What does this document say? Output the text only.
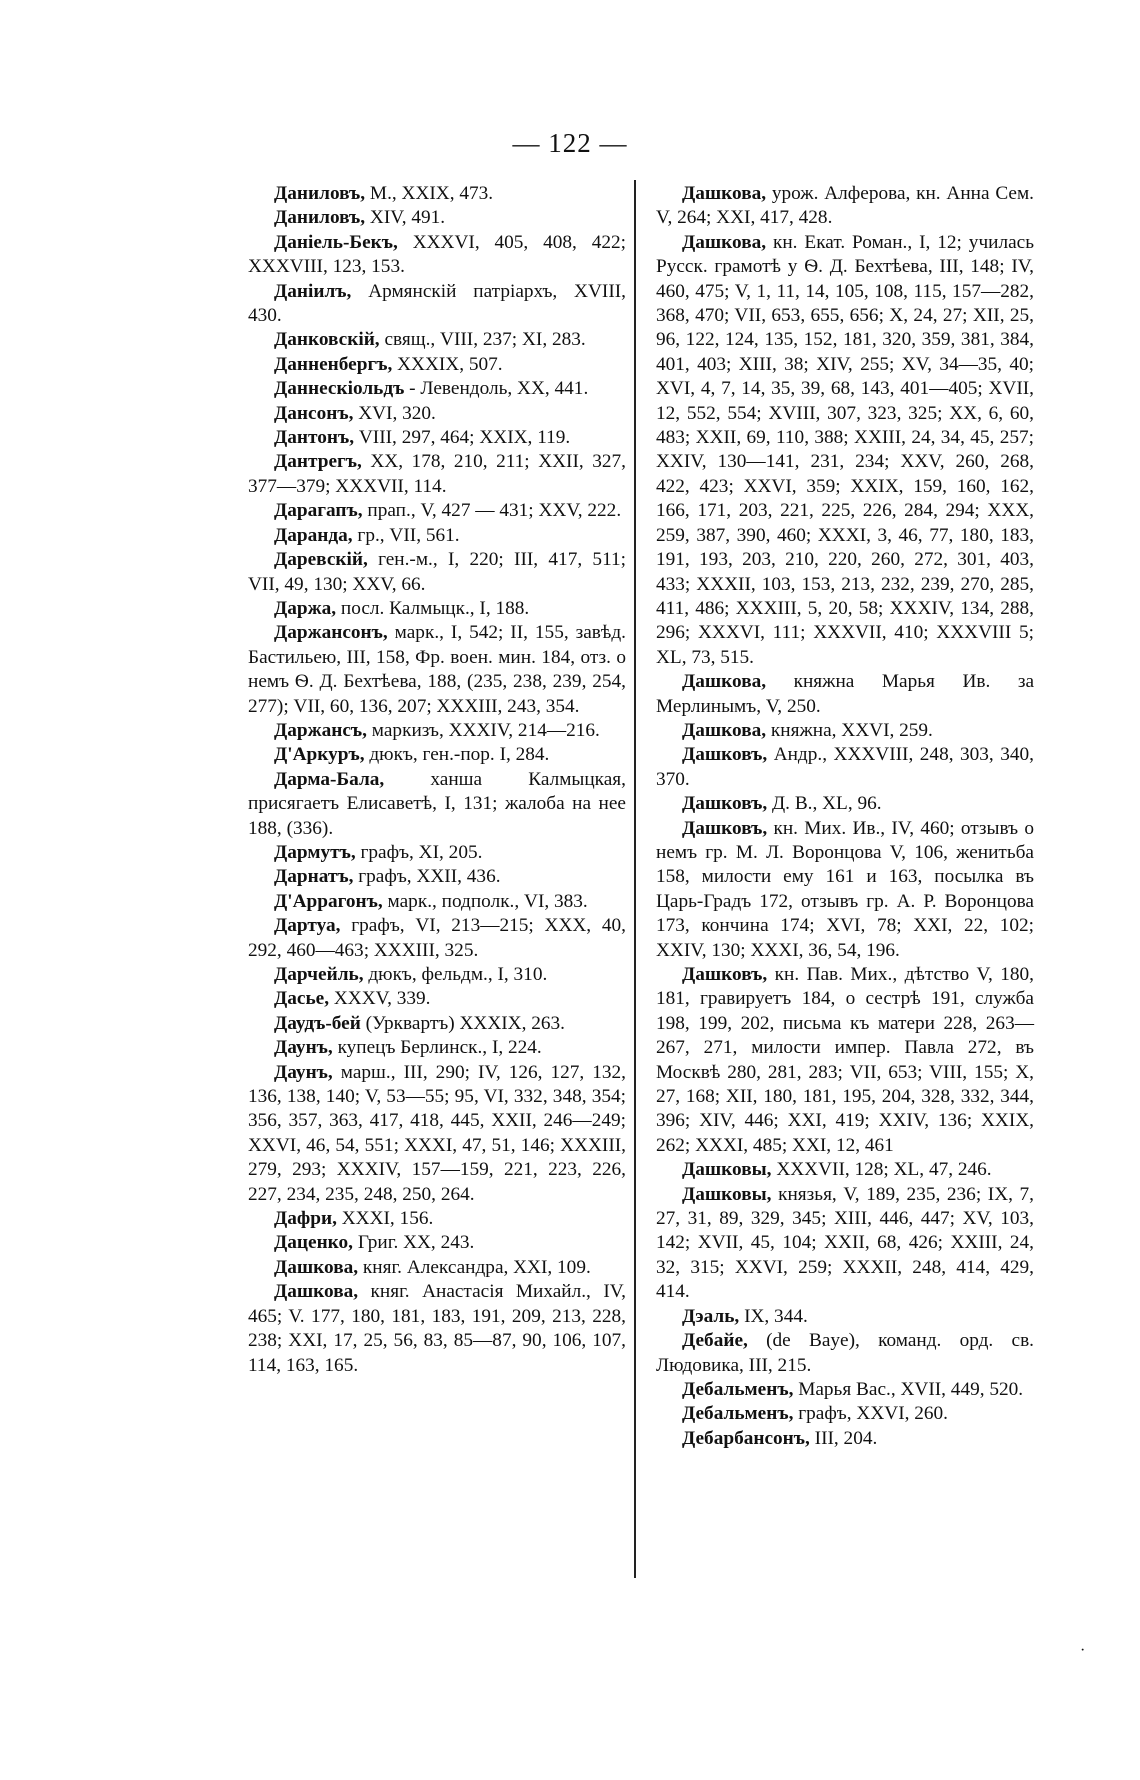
— 122 —

Даниловъ, М., XXIX, 473.

Даниловъ, XIV, 491.

Даніель-Бекъ, XXXVI, 405, 408, 422; XXXVIII, 123, 153.

Даніилъ, Армянскій патріархъ, XVIII, 430.

Данковскій, свящ., VIII, 237; XI, 283.

Данненбергъ, XXXIX, 507.

Даннескіольдъ - Левендоль, XX, 441.

Дансонъ, XVI, 320.

Дантонъ, VIII, 297, 464; XXIX, 119.

Дантрегъ, XX, 178, 210, 211; XXII, 327, 377—379; XXXVII, 114.

Дарагапъ, прап., V, 427 — 431; XXV, 222.

Даранда, гр., VII, 561.

Даревскій, ген.-м., I, 220; III, 417, 511; VII, 49, 130; XXV, 66.

Даржа, посл. Калмыцк., I, 188.

Даржансонъ, марк., I, 542; II, 155, завѣд. Бастильею, III, 158, Фр. воен. мин. 184, отз. о немъ Ѳ. Д. Бехтѣева, 188, (235, 238, 239, 254, 277); VII, 60, 136, 207; XXXIII, 243, 354.

Даржансъ, маркизъ, XXXIV, 214—216.

Д'Аркуръ, дюкъ, ген.-пор. I, 284.

Дарма-Бала, ханша Калмыцкая, присягаетъ Елисаветѣ, I, 131; жалоба на нее 188, (336).

Дармутъ, графъ, XI, 205.

Дарнатъ, графъ, XXII, 436.

Д'Аррагонъ, марк., подполк., VI, 383.

Дартуа, графъ, VI, 213—215; XXX, 40, 292, 460—463; XXXIII, 325.

Дарчейль, дюкъ, фельдм., I, 310.

Дасье, XXXV, 339.

Даудъ-бей (Урквартъ) XXXIX, 263.

Даунъ, купецъ Берлинск., I, 224.

Даунъ, марш., III, 290; IV, 126, 127, 132, 136, 138, 140; V, 53—55; 95, VI, 332, 348, 354; 356, 357, 363, 417, 418, 445, XXII, 246—249; XXVI, 46, 54, 551; XXXI, 47, 51, 146; XXXIII, 279, 293; XXXIV, 157—159, 221, 223, 226, 227, 234, 235, 248, 250, 264.

Дафри, XXXI, 156.

Даценко, Григ. XX, 243.

Дашкова, княг. Александра, XXI, 109.

Дашкова, княг. Анастасія Михайл., IV, 465; V. 177, 180, 181, 183, 191, 209, 213, 228, 238; XXI, 17, 25, 56, 83, 85—87, 90, 106, 107, 114, 163, 165.

Дашкова, урож. Алферова, кн. Анна Сем. V, 264; XXI, 417, 428.

Дашкова, кн. Екат. Роман., I, 12; училась Русск. грамотѣ у Ѳ. Д. Бехтѣева, III, 148; IV, 460, 475; V, 1, 11, 14, 105, 108, 115, 157—282, 368, 470; VII, 653, 655, 656; X, 24, 27; XII, 25, 96, 122, 124, 135, 152, 181, 320, 359, 381, 384, 401, 403; XIII, 38; XIV, 255; XV, 34—35, 40; XVI, 4, 7, 14, 35, 39, 68, 143, 401—405; XVII, 12, 552, 554; XVIII, 307, 323, 325; XX, 6, 60, 483; XXII, 69, 110, 388; XXIII, 24, 34, 45, 257; XXIV, 130—141, 231, 234; XXV, 260, 268, 422, 423; XXVI, 359; XXIX, 159, 160, 162, 166, 171, 203, 221, 225, 226, 284, 294; XXX, 259, 387, 390, 460; XXXI, 3, 46, 77, 180, 183, 191, 193, 203, 210, 220, 260, 272, 301, 403, 433; XXXII, 103, 153, 213, 232, 239, 270, 285, 411, 486; XXXIII, 5, 20, 58; XXXIV, 134, 288, 296; XXXVI, 111; XXXVII, 410; XXXVIII 5; XL, 73, 515.

Дашкова, княжна Марья Ив. за Мерлинымъ, V, 250.

Дашкова, княжна, XXVI, 259.

Дашковъ, Андр., XXXVIII, 248, 303, 340, 370.

Дашковъ, Д. В., XL, 96.

Дашковъ, кн. Мих. Ив., IV, 460; отзывъ о немъ гр. М. Л. Воронцова V, 106, женитьба 158, милости ему 161 и 163, посылка въ Царь-Градъ 172, отзывъ гр. А. Р. Воронцова 173, кончина 174; XVI, 78; XXI, 22, 102; XXIV, 130; XXXI, 36, 54, 196.

Дашковъ, кн. Пав. Мих., дѣтство V, 180, 181, гравируетъ 184, о сестрѣ 191, служба 198, 199, 202, письма къ матери 228, 263—267, 271, милости импер. Павла 272, въ Москвѣ 280, 281, 283; VII, 653; VIII, 155; X, 27, 168; XII, 180, 181, 195, 204, 328, 332, 344, 396; XIV, 446; XXI, 419; XXIV, 136; XXIX, 262; XXXI, 485; XXI, 12, 461

Дашковы, XXXVII, 128; XL, 47, 246.

Дашковы, князья, V, 189, 235, 236; IX, 7, 27, 31, 89, 329, 345; XIII, 446, 447; XV, 103, 142; XVII, 45, 104; XXII, 68, 426; XXIII, 24, 32, 315; XXVI, 259; XXXII, 248, 414, 429, 414.

Дэаль, IX, 344.

Дебайе, (de Baye), команд. орд. св. Людовика, III, 215.

Дебальменъ, Марья Вас., XVII, 449, 520.

Дебальменъ, графъ, XXVI, 260.

Дебарбансонъ, III, 204.

·
